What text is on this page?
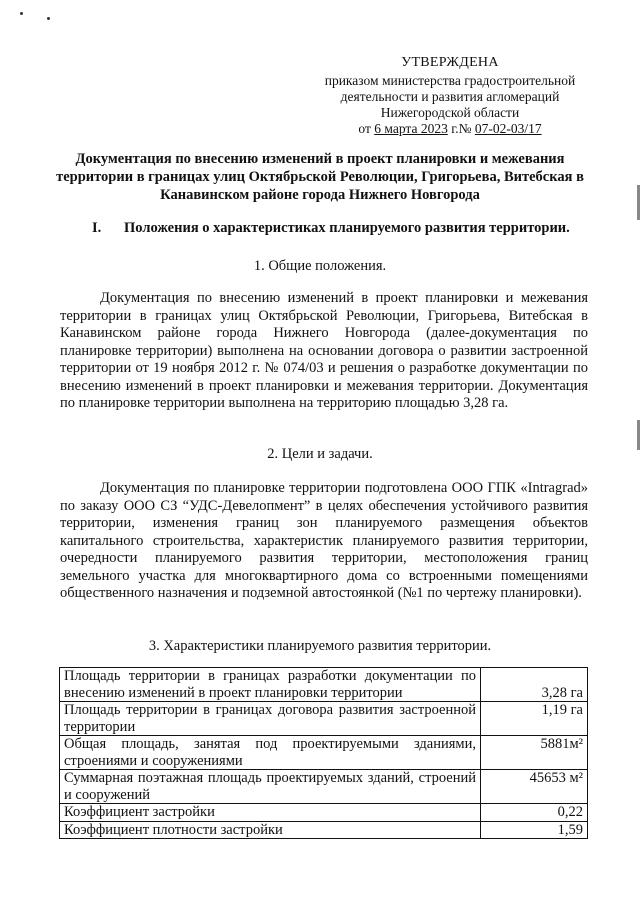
УТВЕРЖДЕНА
приказом министерства градостроительной
деятельности и развития агломераций
Нижегородской области
от 6 марта 2023 г.№ 07-02-03/17
Документация по внесению изменений в проект планировки и межевания территории в границах улиц Октябрьской Революции, Григорьева, Витебская в Канавинском районе города Нижнего Новгорода
I. Положения о характеристиках планируемого развития территории.
1. Общие положения.
Документация по внесению изменений в проект планировки и межевания территории в границах улиц Октябрьской Революции, Григорьева, Витебская в Канавинском районе города Нижнего Новгорода (далее-документация по планировке территории) выполнена на основании договора о развитии застроенной территории от 19 ноября 2012 г. № 074/03 и решения о разработке документации по внесению изменений в проект планировки и межевания территории. Документация по планировке территории выполнена на территорию площадью 3,28 га.
2. Цели и задачи.
Документация по планировке территории подготовлена ООО ГПК «Intragrad» по заказу ООО СЗ “УДС-Девелопмент” в целях обеспечения устойчивого развития территории, изменения границ зон планируемого размещения объектов капитального строительства, характеристик планируемого развития территории, очередности планируемого развития территории, местоположения границ земельного участка для многоквартирного дома со встроенными помещениями общественного назначения и подземной автостоянкой (№1 по чертежу планировки).
3. Характеристики планируемого развития территории.
Площадь территории в границах разработки документации по внесению изменений в проект планировки территории	3,28 га
Площадь территории в границах договора развития застроенной территории	1,19 га
Общая площадь, занятая под проектируемыми зданиями, строениями и сооружениями	5881м²
Суммарная поэтажная площадь проектируемых зданий, строений и сооружений	45653 м²
Коэффициент застройки	0,22
Коэффициент плотности застройки	1,59
